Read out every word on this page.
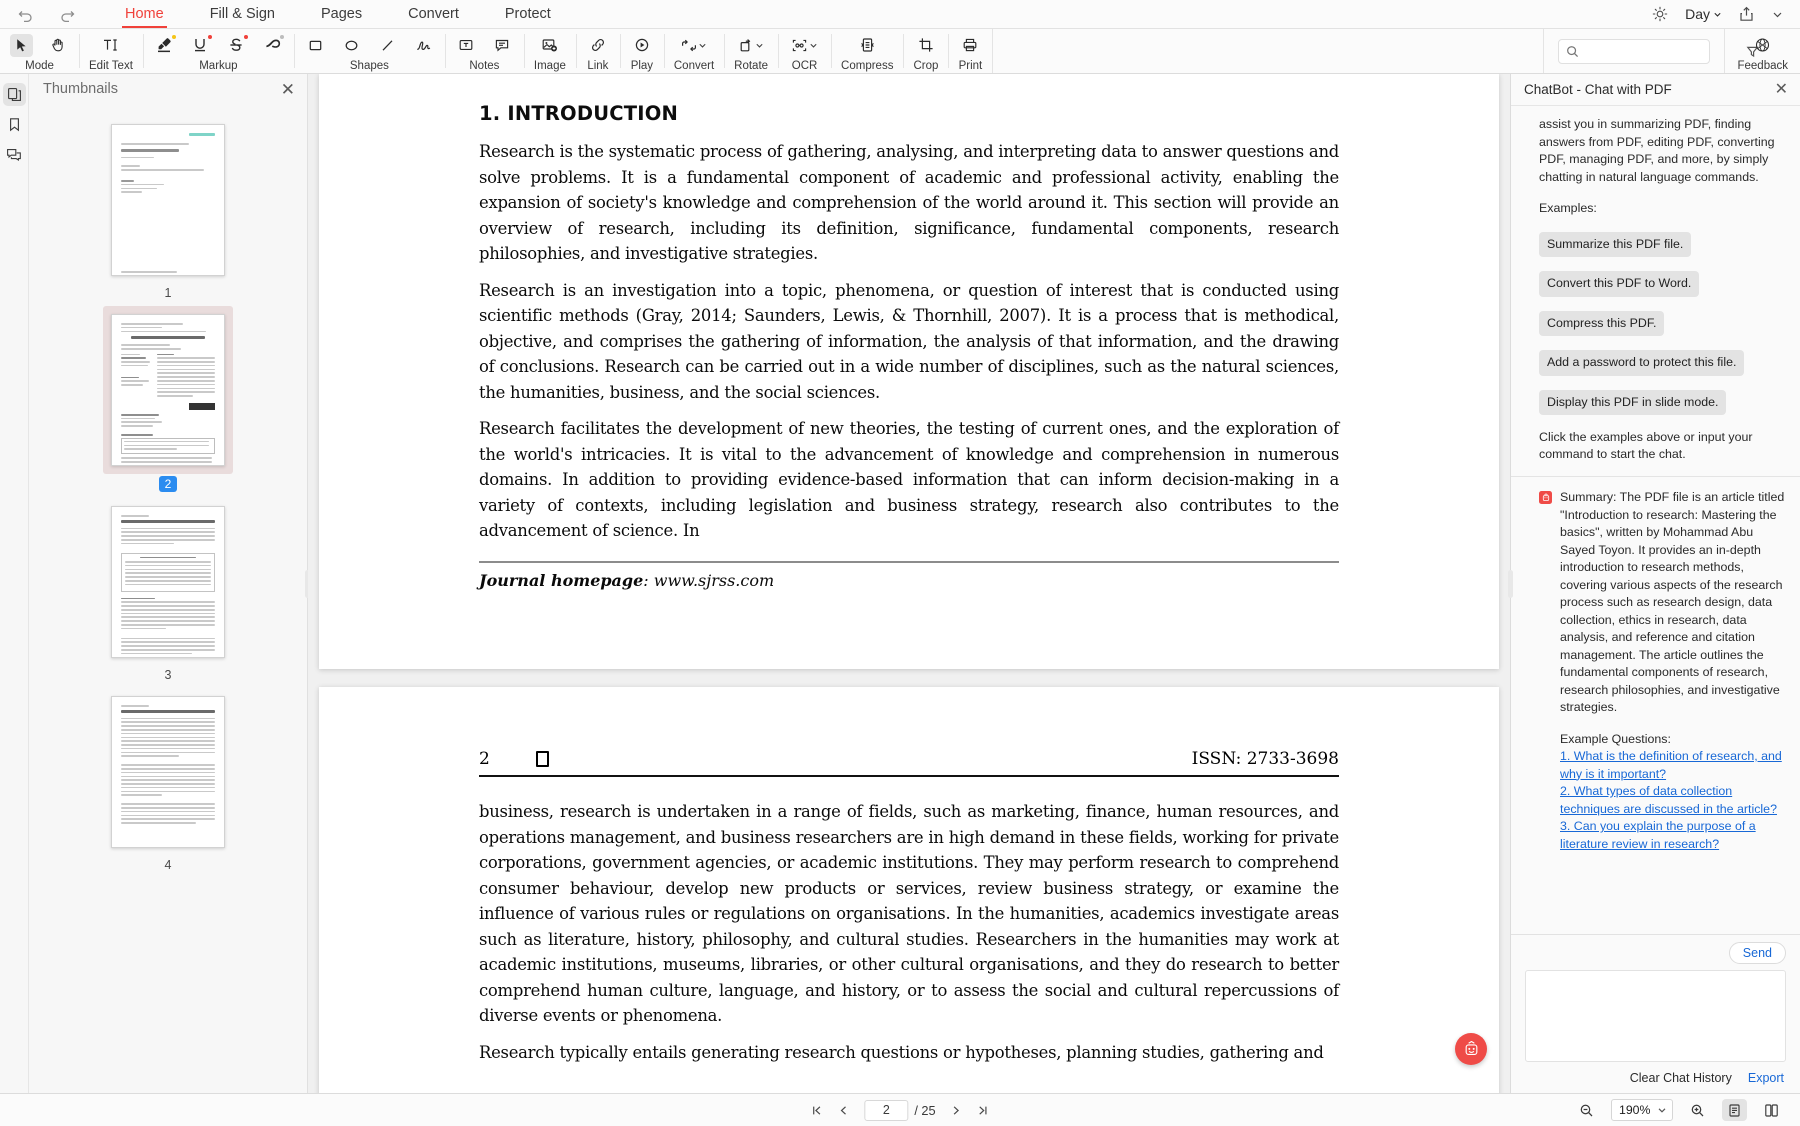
Home	Fill & Sign	Pages	Convert	Protect	Day
Mode	Edit Text	Markup	Shapes	Notes	Image Link Play Convert Rotate OCR Compress Crop Print	Feedback
Thumbnails	✕
1
2
3
4
1. INTRODUCTION
Research is the systematic process of gathering, analysing, and interpreting data to answer questions and solve problems. It is a fundamental component of academic and professional activity, enabling the expansion of society's knowledge and comprehension of the world around it. This section will provide an overview of research, including its definition, significance, fundamental components, research philosophies, and investigative strategies.
Research is an investigation into a topic, phenomena, or question of interest that is conducted using scientific methods (Gray, 2014; Saunders, Lewis, & Thornhill, 2007). It is a process that is methodical, objective, and comprises the gathering of information, the analysis of that information, and the drawing of conclusions. Research can be carried out in a wide number of disciplines, such as the natural sciences, the humanities, business, and the social sciences.
Research facilitates the development of new theories, the testing of current ones, and the exploration of the world's intricacies. It is vital to the advancement of knowledge and comprehension in numerous domains. In addition to providing evidence-based information that can inform decision-making in a variety of contexts, including legislation and business strategy, research also contributes to the advancement of science. In
Journal homepage: www.sjrss.com
2	ISSN: 2733-3698
business, research is undertaken in a range of fields, such as marketing, finance, human resources, and operations management, and business researchers are in high demand in these fields, working for private corporations, government agencies, or academic institutions. They may perform research to comprehend consumer behaviour, develop new products or services, review business strategy, or examine the influence of various rules or regulations on organisations. In the humanities, academics investigate areas such as literature, history, philosophy, and cultural studies. Researchers in the humanities may work at academic institutions, museums, libraries, or other cultural organisations, and they do research to better comprehend human culture, language, and history, or to assess the social and cultural repercussions of diverse events or phenomena.
Research typically entails generating research questions or hypotheses, planning studies, gathering and
ChatBot - Chat with PDF	✕
assist you in summarizing PDF, finding answers from PDF, editing PDF, converting PDF, managing PDF, and more, by simply chatting in natural language commands.
Examples:
Summarize this PDF file.
Convert this PDF to Word.
Compress this PDF.
Add a password to protect this file.
Display this PDF in slide mode.
Click the examples above or input your command to start the chat.
Summary: The PDF file is an article titled "Introduction to research: Mastering the basics", written by Mohammad Abu Sayed Toyon. It provides an in-depth introduction to research methods, covering various aspects of the research process such as research design, data collection, ethics in research, data analysis, and reference and citation management. The article outlines the fundamental components of research, research philosophies, and investigative strategies.
Example Questions:
1. What is the definition of research, and why is it important?
2. What types of data collection techniques are discussed in the article?
3. Can you explain the purpose of a literature review in research?
Send
Clear Chat History Export
2 / 25	190%
